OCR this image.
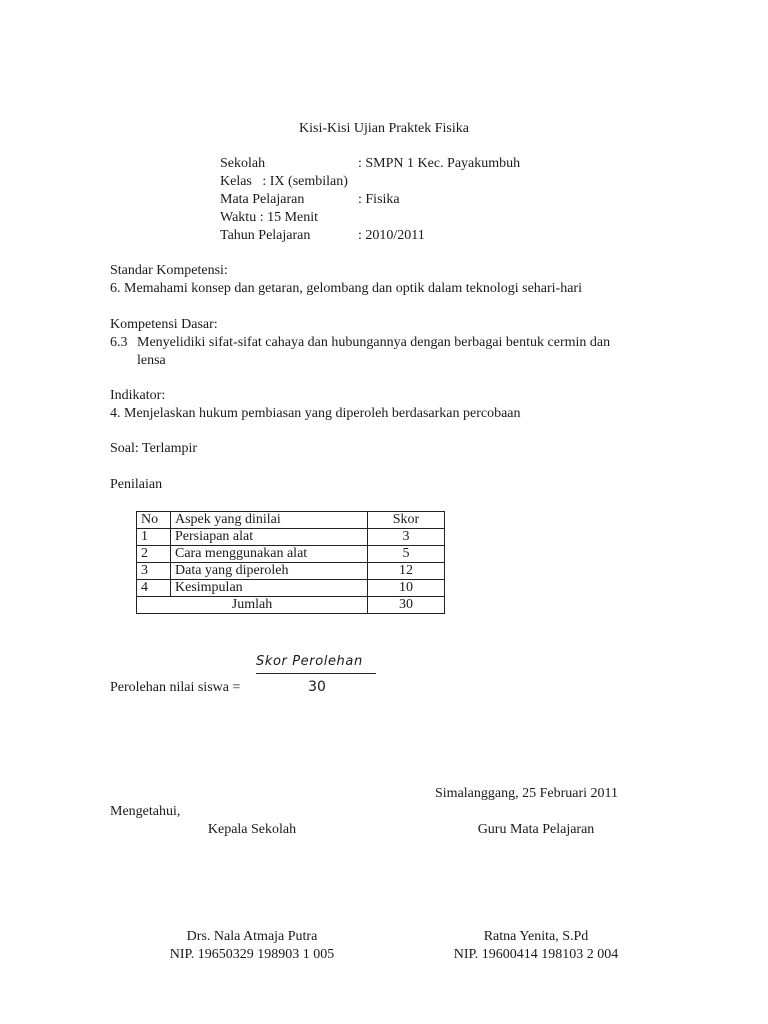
Kisi-Kisi Ujian Praktek Fisika
Sekolah	: SMPN 1 Kec. Payakumbuh
Kelas   : IX (sembilan)
Mata Pelajaran	: Fisika
Waktu : 15 Menit
Tahun Pelajaran	: 2010/2011
Standar Kompetensi:
6. Memahami konsep dan getaran, gelombang dan optik dalam teknologi sehari-hari
Kompetensi Dasar:
6.3 Menyelidiki sifat-sifat cahaya dan hubungannya dengan berbagai bentuk cermin dan
lensa
Indikator:
4. Menjelaskan hukum pembiasan yang diperoleh berdasarkan percobaan
Soal: Terlampir
Penilaian
No	Aspek yang dinilai	Skor
1	Persiapan alat	3
2	Cara menggunakan alat	5
3	Data yang diperoleh	12
4	Kesimpulan	10
Jumlah		30
Skor Perolehan
Perolehan nilai siswa =	30
Simalanggang, 25 Februari 2011
Mengetahui,
Kepala Sekolah	Guru Mata Pelajaran
Drs. Nala Atmaja Putra
NIP. 19650329 198903 1 005
Ratna Yenita, S.Pd
NIP. 19600414 198103 2 004
